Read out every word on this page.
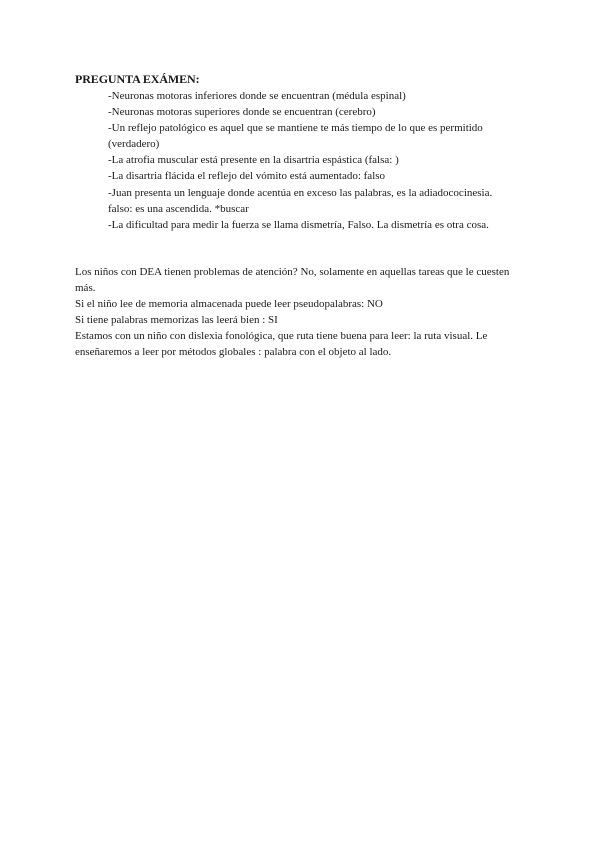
PREGUNTA EXÁMEN:

-Neuronas motoras inferiores donde se encuentran (médula espinal)
-Neuronas motoras superiores donde se encuentran (cerebro)
-Un reflejo patológico es aquel que se mantiene te más tiempo de lo que es permitido (verdadero)
-La atrofia muscular está presente en la disartria espástica (falsa: )
-La disartria flácida el reflejo del vómito está aumentado: falso
-Juan presenta un lenguaje donde acentúa en exceso las palabras, es la adiadococinesia. falso: es una ascendida. *buscar
-La dificultad para medir la fuerza se llama dismetría, Falso. La dismetría es otra cosa.

Los niños con DEA tienen problemas de atención? No, solamente en aquellas tareas que le cuesten más.

Si el niño lee de memoria almacenada puede leer pseudopalabras: NO

Si tiene palabras memorizas las leerá bien : SI

Estamos con un niño con dislexia fonológica, que ruta tiene buena para leer: la ruta visual. Le enseñaremos a leer por métodos globales : palabra con el objeto al lado.
